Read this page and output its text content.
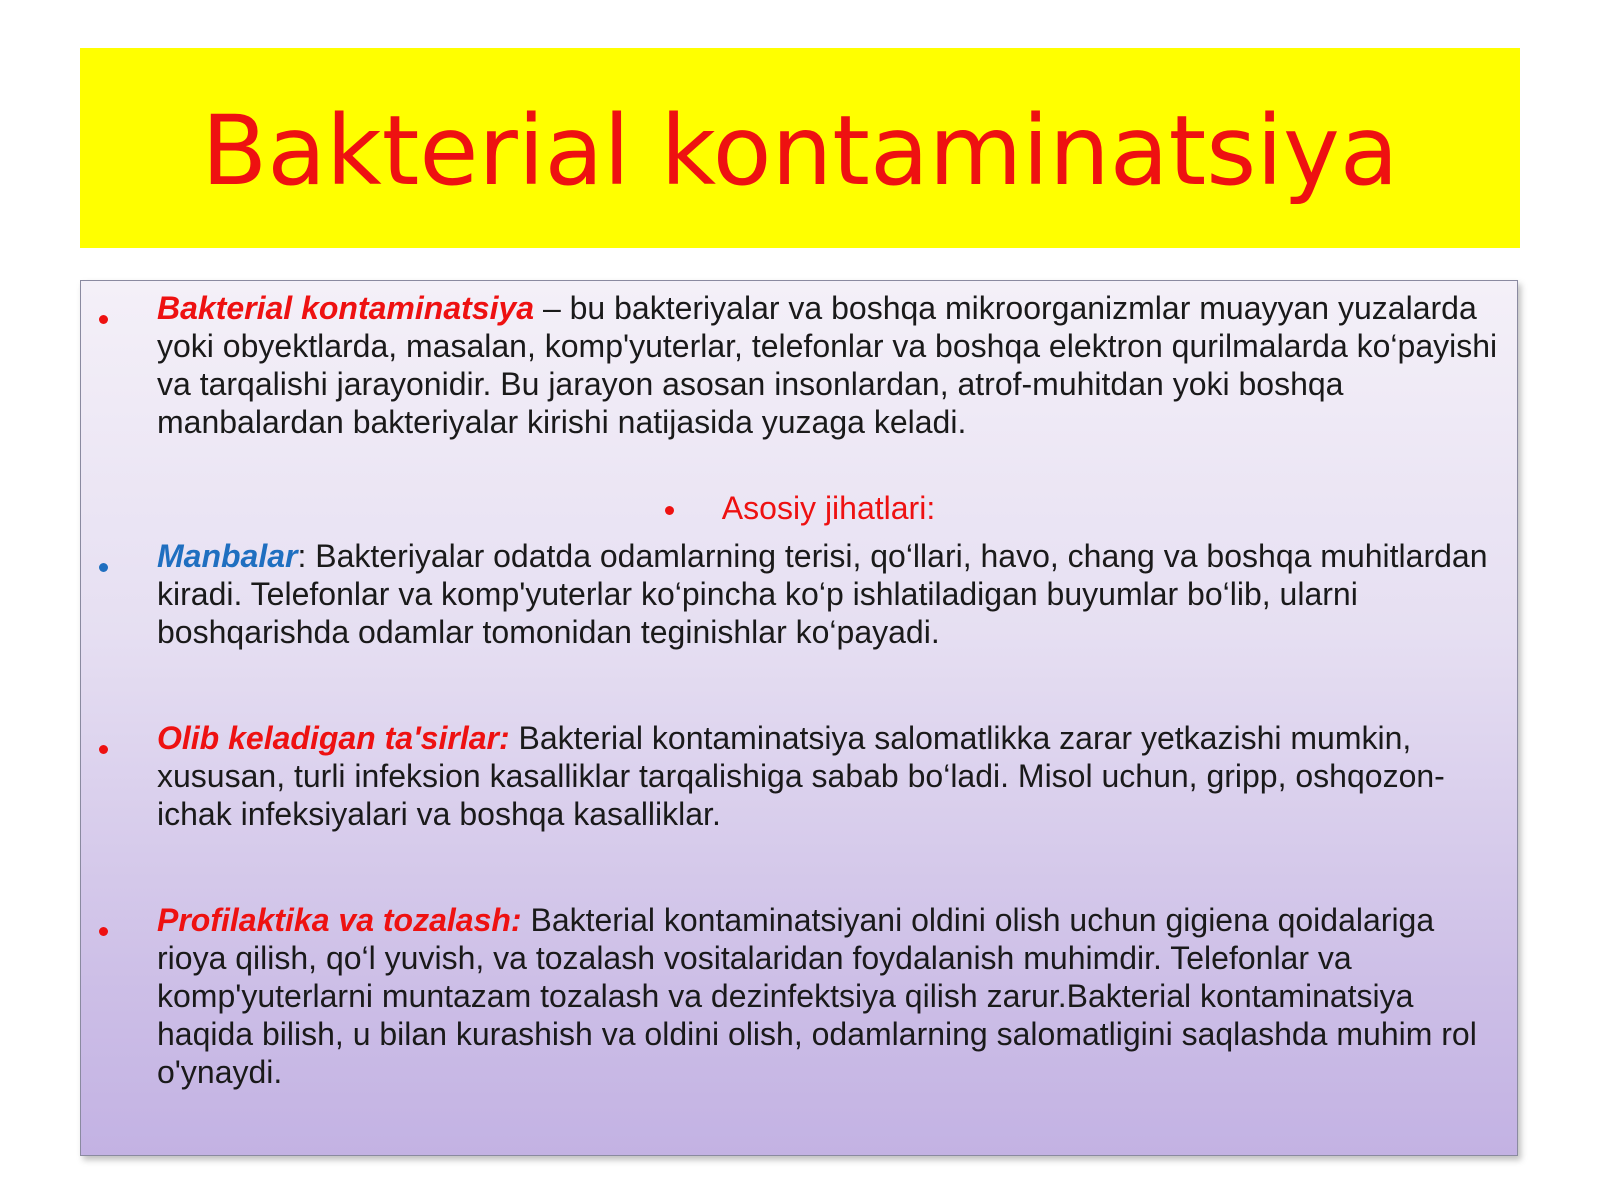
Bakterial kontaminatsiya
Bakterial kontaminatsiya – bu bakteriyalar va boshqa mikroorganizmlar muayyan yuzalarda yoki obyektlarda, masalan, komp'yuterlar, telefonlar va boshqa elektron qurilmalarda ko‘payishi va tarqalishi jarayonidir. Bu jarayon asosan insonlardan, atrof-muhitdan yoki boshqa manbalardan bakteriyalar kirishi natijasida yuzaga keladi.
Asosiy jihatlari:
Manbalar: Bakteriyalar odatda odamlarning terisi, qo‘llari, havo, chang va boshqa muhitlardan kiradi. Telefonlar va komp'yuterlar ko‘pincha ko‘p ishlatiladigan buyumlar bo‘lib, ularni boshqarishda odamlar tomonidan teginishlar ko‘payadi.
Olib keladigan ta'sirlar: Bakterial kontaminatsiya salomatlikka zarar yetkazishi mumkin, xususan, turli infeksion kasalliklar tarqalishiga sabab bo‘ladi. Misol uchun, gripp, oshqozon-ichak infeksiyalari va boshqa kasalliklar.
Profilaktika va tozalash: Bakterial kontaminatsiyani oldini olish uchun gigiena qoidalariga rioya qilish, qo‘l yuvish, va tozalash vositalaridan foydalanish muhimdir. Telefonlar va komp'yuterlarni muntazam tozalash va dezinfektsiya qilish zarur.Bakterial kontaminatsiya haqida bilish, u bilan kurashish va oldini olish, odamlarning salomatligini saqlashda muhim rol o'ynaydi.
